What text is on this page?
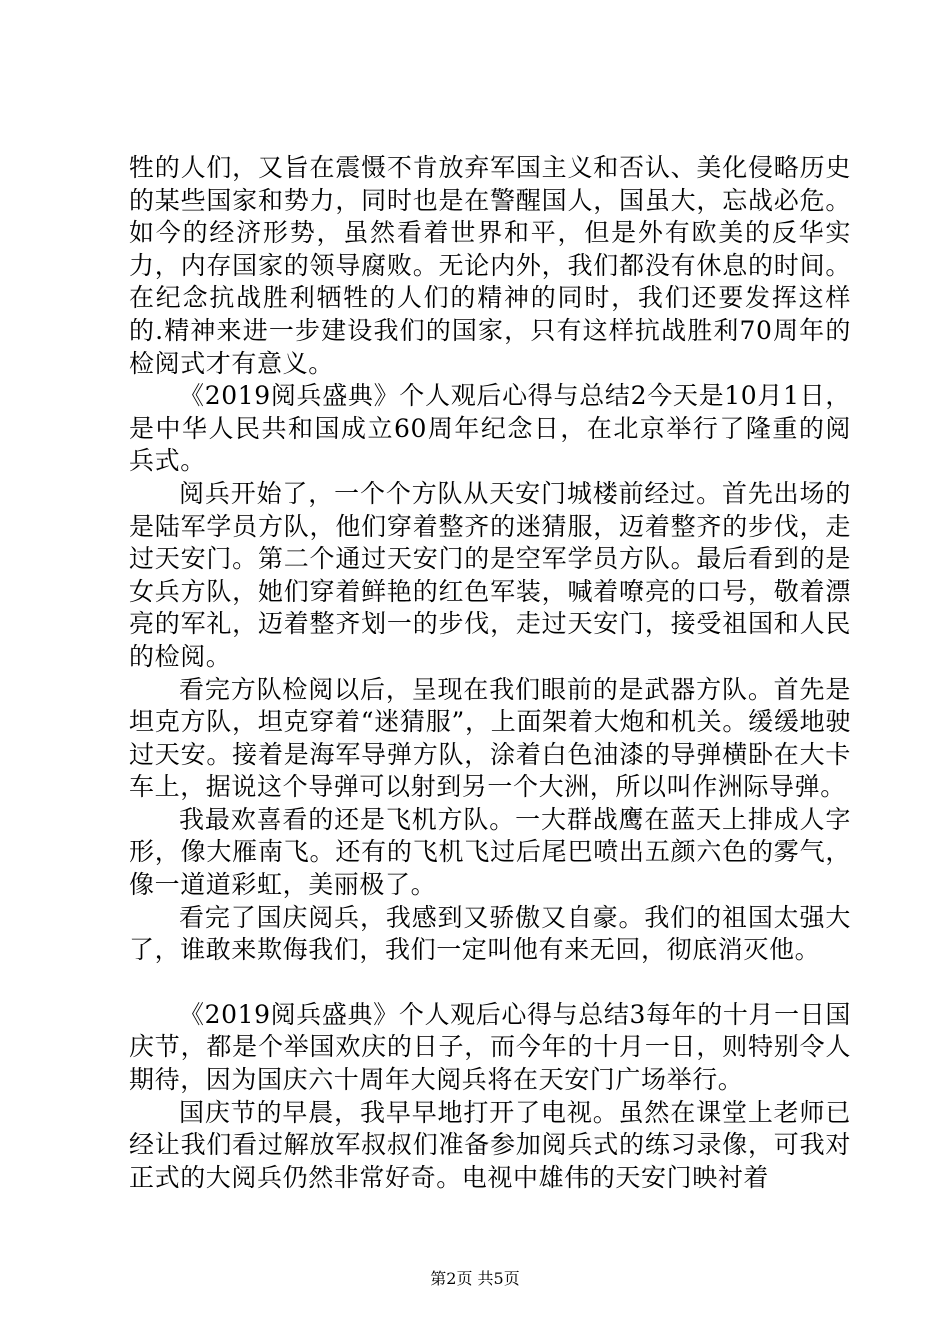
牲的人们，又旨在震慑不肯放弃军国主义和否认、美化侵略历史的某些国家和势力，同时也是在警醒国人，国虽大，忘战必危。如今的经济形势，虽然看着世界和平，但是外有欧美的反华实力，内存国家的领导腐败。无论内外，我们都没有休息的时间。在纪念抗战胜利牺牲的人们的精神的同时，我们还要发挥这样的.精神来进一步建设我们的国家，只有这样抗战胜利70周年的检阅式才有意义。

《2019阅兵盛典》个人观后心得与总结2今天是10月1日，是中华人民共和国成立60周年纪念日，在北京举行了隆重的阅兵式。

阅兵开始了，一个个方队从天安门城楼前经过。首先出场的是陆军学员方队，他们穿着整齐的迷猜服，迈着整齐的步伐，走过天安门。第二个通过天安门的是空军学员方队。最后看到的是女兵方队，她们穿着鲜艳的红色军装，喊着嘹亮的口号，敬着漂亮的军礼，迈着整齐划一的步伐，走过天安门，接受祖国和人民的检阅。

看完方队检阅以后，呈现在我们眼前的是武器方队。首先是坦克方队，坦克穿着“迷猜服”，上面架着大炮和机关。缓缓地驶过天安。接着是海军导弹方队，涂着白色油漆的导弹横卧在大卡车上，据说这个导弹可以射到另一个大洲，所以叫作洲际导弹。

我最欢喜看的还是飞机方队。一大群战鹰在蓝天上排成人字形，像大雁南飞。还有的飞机飞过后尾巴喷出五颜六色的雾气，像一道道彩虹，美丽极了。

看完了国庆阅兵，我感到又骄傲又自豪。我们的祖国太强大了，谁敢来欺侮我们，我们一定叫他有来无回，彻底消灭他。

《2019阅兵盛典》个人观后心得与总结3每年的十月一日国庆节，都是个举国欢庆的日子，而今年的十月一日，则特别令人期待，因为国庆六十周年大阅兵将在天安门广场举行。

国庆节的早晨，我早早地打开了电视。虽然在课堂上老师已经让我们看过解放军叔叔们准备参加阅兵式的练习录像，可我对正式的大阅兵仍然非常好奇。电视中雄伟的天安门映衬着

第2页 共5页
